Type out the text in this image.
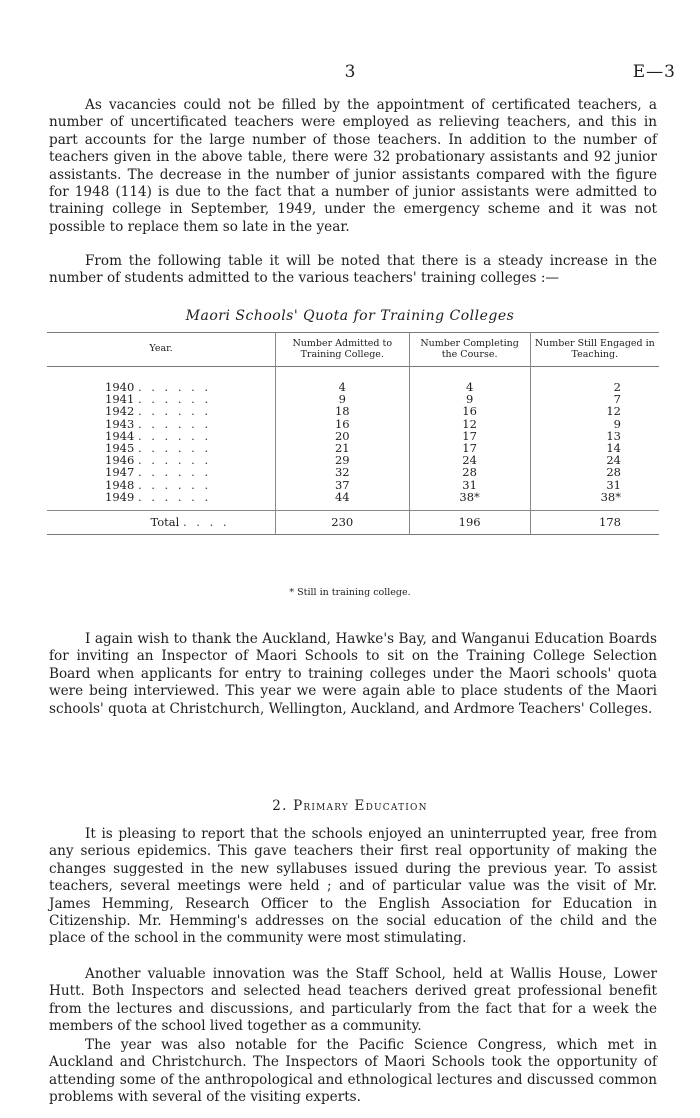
3	E—3

As vacancies could not be filled by the appointment of certificated teachers, a number of uncertificated teachers were employed as relieving teachers, and this in part accounts for the large number of those teachers. In addition to the number of teachers given in the above table, there were 32 probationary assistants and 92 junior assistants. The decrease in the number of junior assistants compared with the figure for 1948 (114) is due to the fact that a number of junior assistants were admitted to training college in September, 1949, under the emergency scheme and it was not possible to replace them so late in the year.

From the following table it will be noted that there is a steady increase in the number of students admitted to the various teachers' training colleges :—

Maori Schools' Quota for Training Colleges
Year.	Number Admitted to Training College.	Number Completing the Course.	Number Still Engaged in Teaching.

1940 . . . . . .	4	4	2
1941 . . . . . .	9	9	7
1942 . . . . . .	18	16	12
1943 . . . . . .	16	12	9
1944 . . . . . .	20	17	13
1945 . . . . . .	21	17	14
1946 . . . . . .	29	24	24
1947 . . . . . .	32	28	28
1948 . . . . . .	37	31	31
1949 . . . . . .	44	38*	38*

Total . . . .	230	196	178
* Still in training college.

I again wish to thank the Auckland, Hawke's Bay, and Wanganui Education Boards for inviting an Inspector of Maori Schools to sit on the Training College Selection Board when applicants for entry to training colleges under the Maori schools' quota were being interviewed. This year we were again able to place students of the Maori schools' quota at Christchurch, Wellington, Auckland, and Ardmore Teachers' Colleges.

2. Primary Education

It is pleasing to report that the schools enjoyed an uninterrupted year, free from any serious epidemics. This gave teachers their first real opportunity of making the changes suggested in the new syllabuses issued during the previous year. To assist teachers, several meetings were held ; and of particular value was the visit of Mr. James Hemming, Research Officer to the English Association for Education in Citizenship. Mr. Hemming's addresses on the social education of the child and the place of the school in the community were most stimulating.

Another valuable innovation was the Staff School, held at Wallis House, Lower Hutt. Both Inspectors and selected head teachers derived great professional benefit from the lectures and discussions, and particularly from the fact that for a week the members of the school lived together as a community.

The year was also notable for the Pacific Science Congress, which met in Auckland and Christchurch. The Inspectors of Maori Schools took the opportunity of attending some of the anthropological and ethnological lectures and discussed common problems with several of the visiting experts.
